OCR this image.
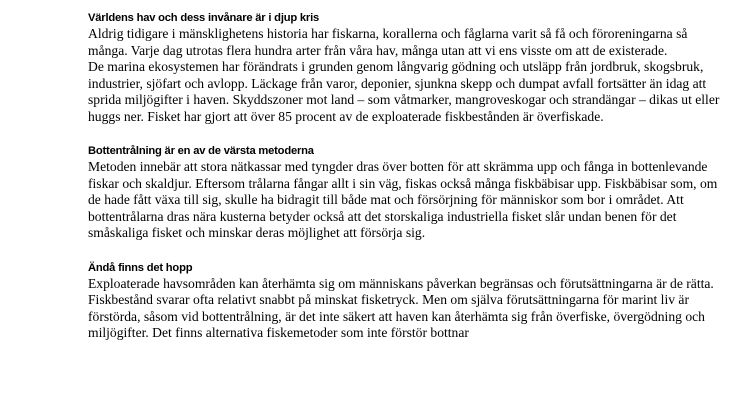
Världens hav och dess invånare är i djup kris

Aldrig tidigare i mänsklighetens historia har fiskarna, korallerna och fåglarna varit så få och föroreningarna så många. Varje dag utrotas flera hundra arter från våra hav, många utan att vi ens visste om att de existerade.

De marina ekosystemen har förändrats i grunden genom långvarig gödning och utsläpp från jordbruk, skogsbruk, industrier, sjöfart och avlopp. Läckage från varor, deponier, sjunkna skepp och dumpat avfall fortsätter än idag att sprida miljögifter i haven. Skyddszoner mot land – som våtmarker, mangroveskogar och strandängar – dikas ut eller huggs ner. Fisket har gjort att över 85 procent av de exploaterade fiskbestånden är överfiskade.

Bottentrålning är en av de värsta metoderna

Metoden innebär att stora nätkassar med tyngder dras över botten för att skrämma upp och fånga in bottenlevande fiskar och skaldjur. Eftersom trålarna fångar allt i sin väg, fiskas också många fiskbäbisar upp. Fiskbäbisar som, om de hade fått växa till sig, skulle ha bidragit till både mat och försörjning för människor som bor i området. Att bottentrålarna dras nära kusterna betyder också att det storskaliga industriella fisket slår undan benen för det småskaliga fisket och minskar deras möjlighet att försörja sig.

Ändå finns det hopp

Exploaterade havsområden kan återhämta sig om människans påverkan begränsas och förutsättningarna är de rätta. Fiskbestånd svarar ofta relativt snabbt på minskat fisketryck. Men om själva förutsättningarna för marint liv är förstörda, såsom vid bottentrålning, är det inte säkert att haven kan återhämta sig från överfiske, övergödning och miljögifter. Det finns alternativa fiskemetoder som inte förstör bottnar
